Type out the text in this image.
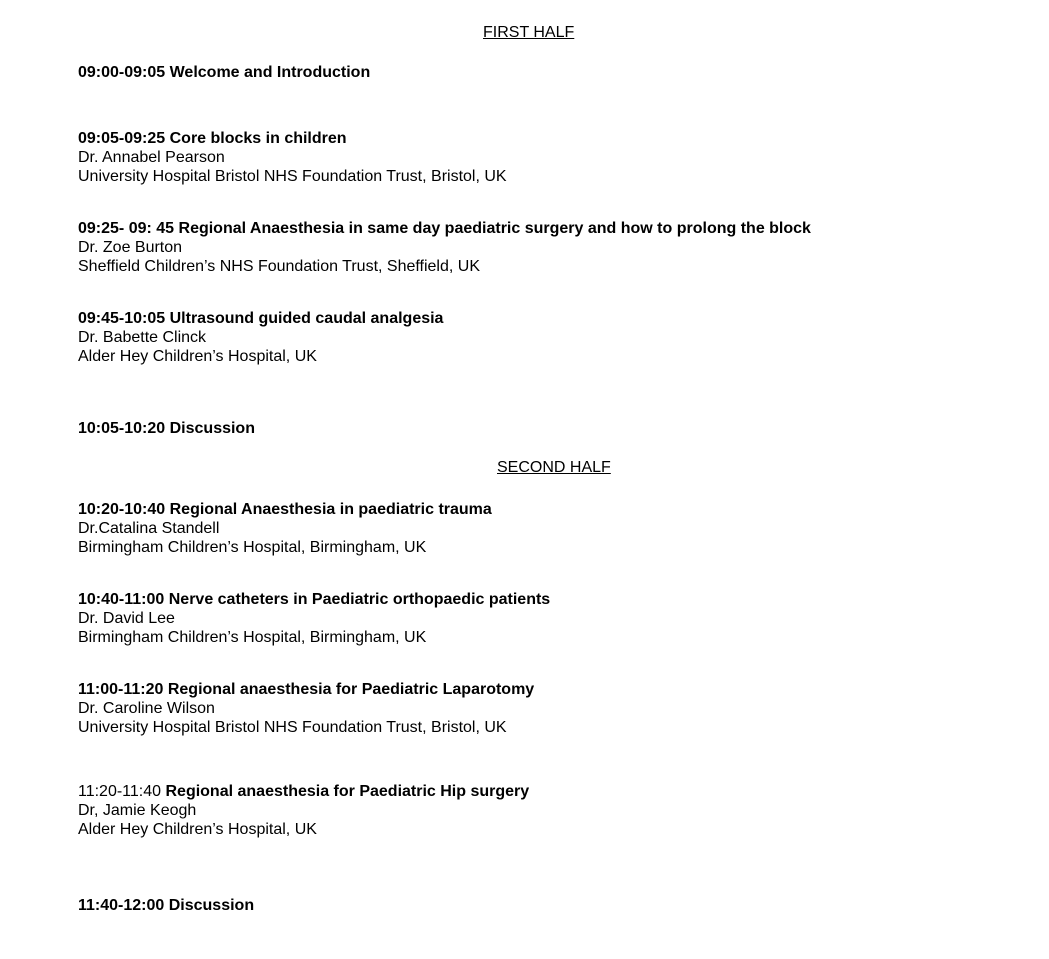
FIRST HALF
09:00-09:05 Welcome and Introduction
09:05-09:25 Core blocks in children
Dr. Annabel Pearson
University Hospital Bristol NHS Foundation Trust, Bristol, UK
09:25- 09: 45 Regional Anaesthesia in same day paediatric surgery and how to prolong the block
Dr. Zoe Burton
Sheffield Children’s NHS Foundation Trust, Sheffield, UK
09:45-10:05 Ultrasound guided caudal analgesia
Dr. Babette Clinck
Alder Hey Children’s Hospital, UK
10:05-10:20 Discussion
SECOND HALF
10:20-10:40 Regional Anaesthesia in paediatric trauma
Dr.Catalina Standell
Birmingham Children’s Hospital, Birmingham, UK
10:40-11:00 Nerve catheters in Paediatric orthopaedic patients
Dr. David Lee
Birmingham Children’s Hospital, Birmingham, UK
11:00-11:20 Regional anaesthesia for Paediatric Laparotomy
Dr. Caroline Wilson
University Hospital Bristol NHS Foundation Trust, Bristol, UK
11:20-11:40 Regional anaesthesia for Paediatric Hip surgery
Dr, Jamie Keogh
Alder Hey Children’s Hospital, UK
11:40-12:00 Discussion
